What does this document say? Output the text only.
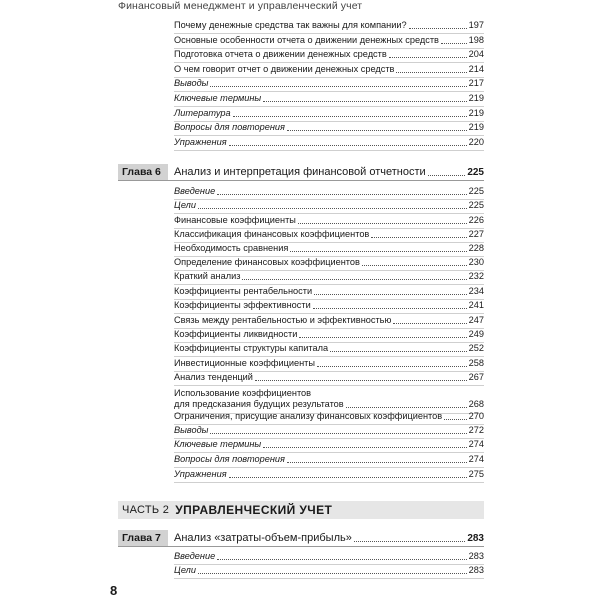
Финансовый менеджмент и управленческий учет
Почему денежные средства так важны для компании?	197
Основные особенности отчета о движении денежных средств	198
Подготовка отчета о движении денежных средств	204
О чем говорит отчет о движении денежных средств	214
Выводы	217
Ключевые термины	219
Литература	219
Вопросы для повторения	219
Упражнения	220
Глава 6	Анализ и интерпретация финансовой отчетности	225
Введение	225
Цели	225
Финансовые коэффициенты	226
Классификация финансовых коэффициентов	227
Необходимость сравнения	228
Определение финансовых коэффициентов	230
Краткий анализ	232
Коэффициенты рентабельности	234
Коэффициенты эффективности	241
Связь между рентабельностью и эффективностью	247
Коэффициенты ликвидности	249
Коэффициенты структуры капитала	252
Инвестиционные коэффициенты	258
Анализ тенденций	267
Использование коэффициентов
для предсказания будущих результатов	268
Ограничения, присущие анализу финансовых коэффициентов	270
Выводы	272
Ключевые термины	274
Вопросы для повторения	274
Упражнения	275
ЧАСТЬ 2 УПРАВЛЕНЧЕСКИЙ УЧЕТ
Глава 7	Анализ «затраты-объем-прибыль»	283
Введение	283
Цели	283
8
